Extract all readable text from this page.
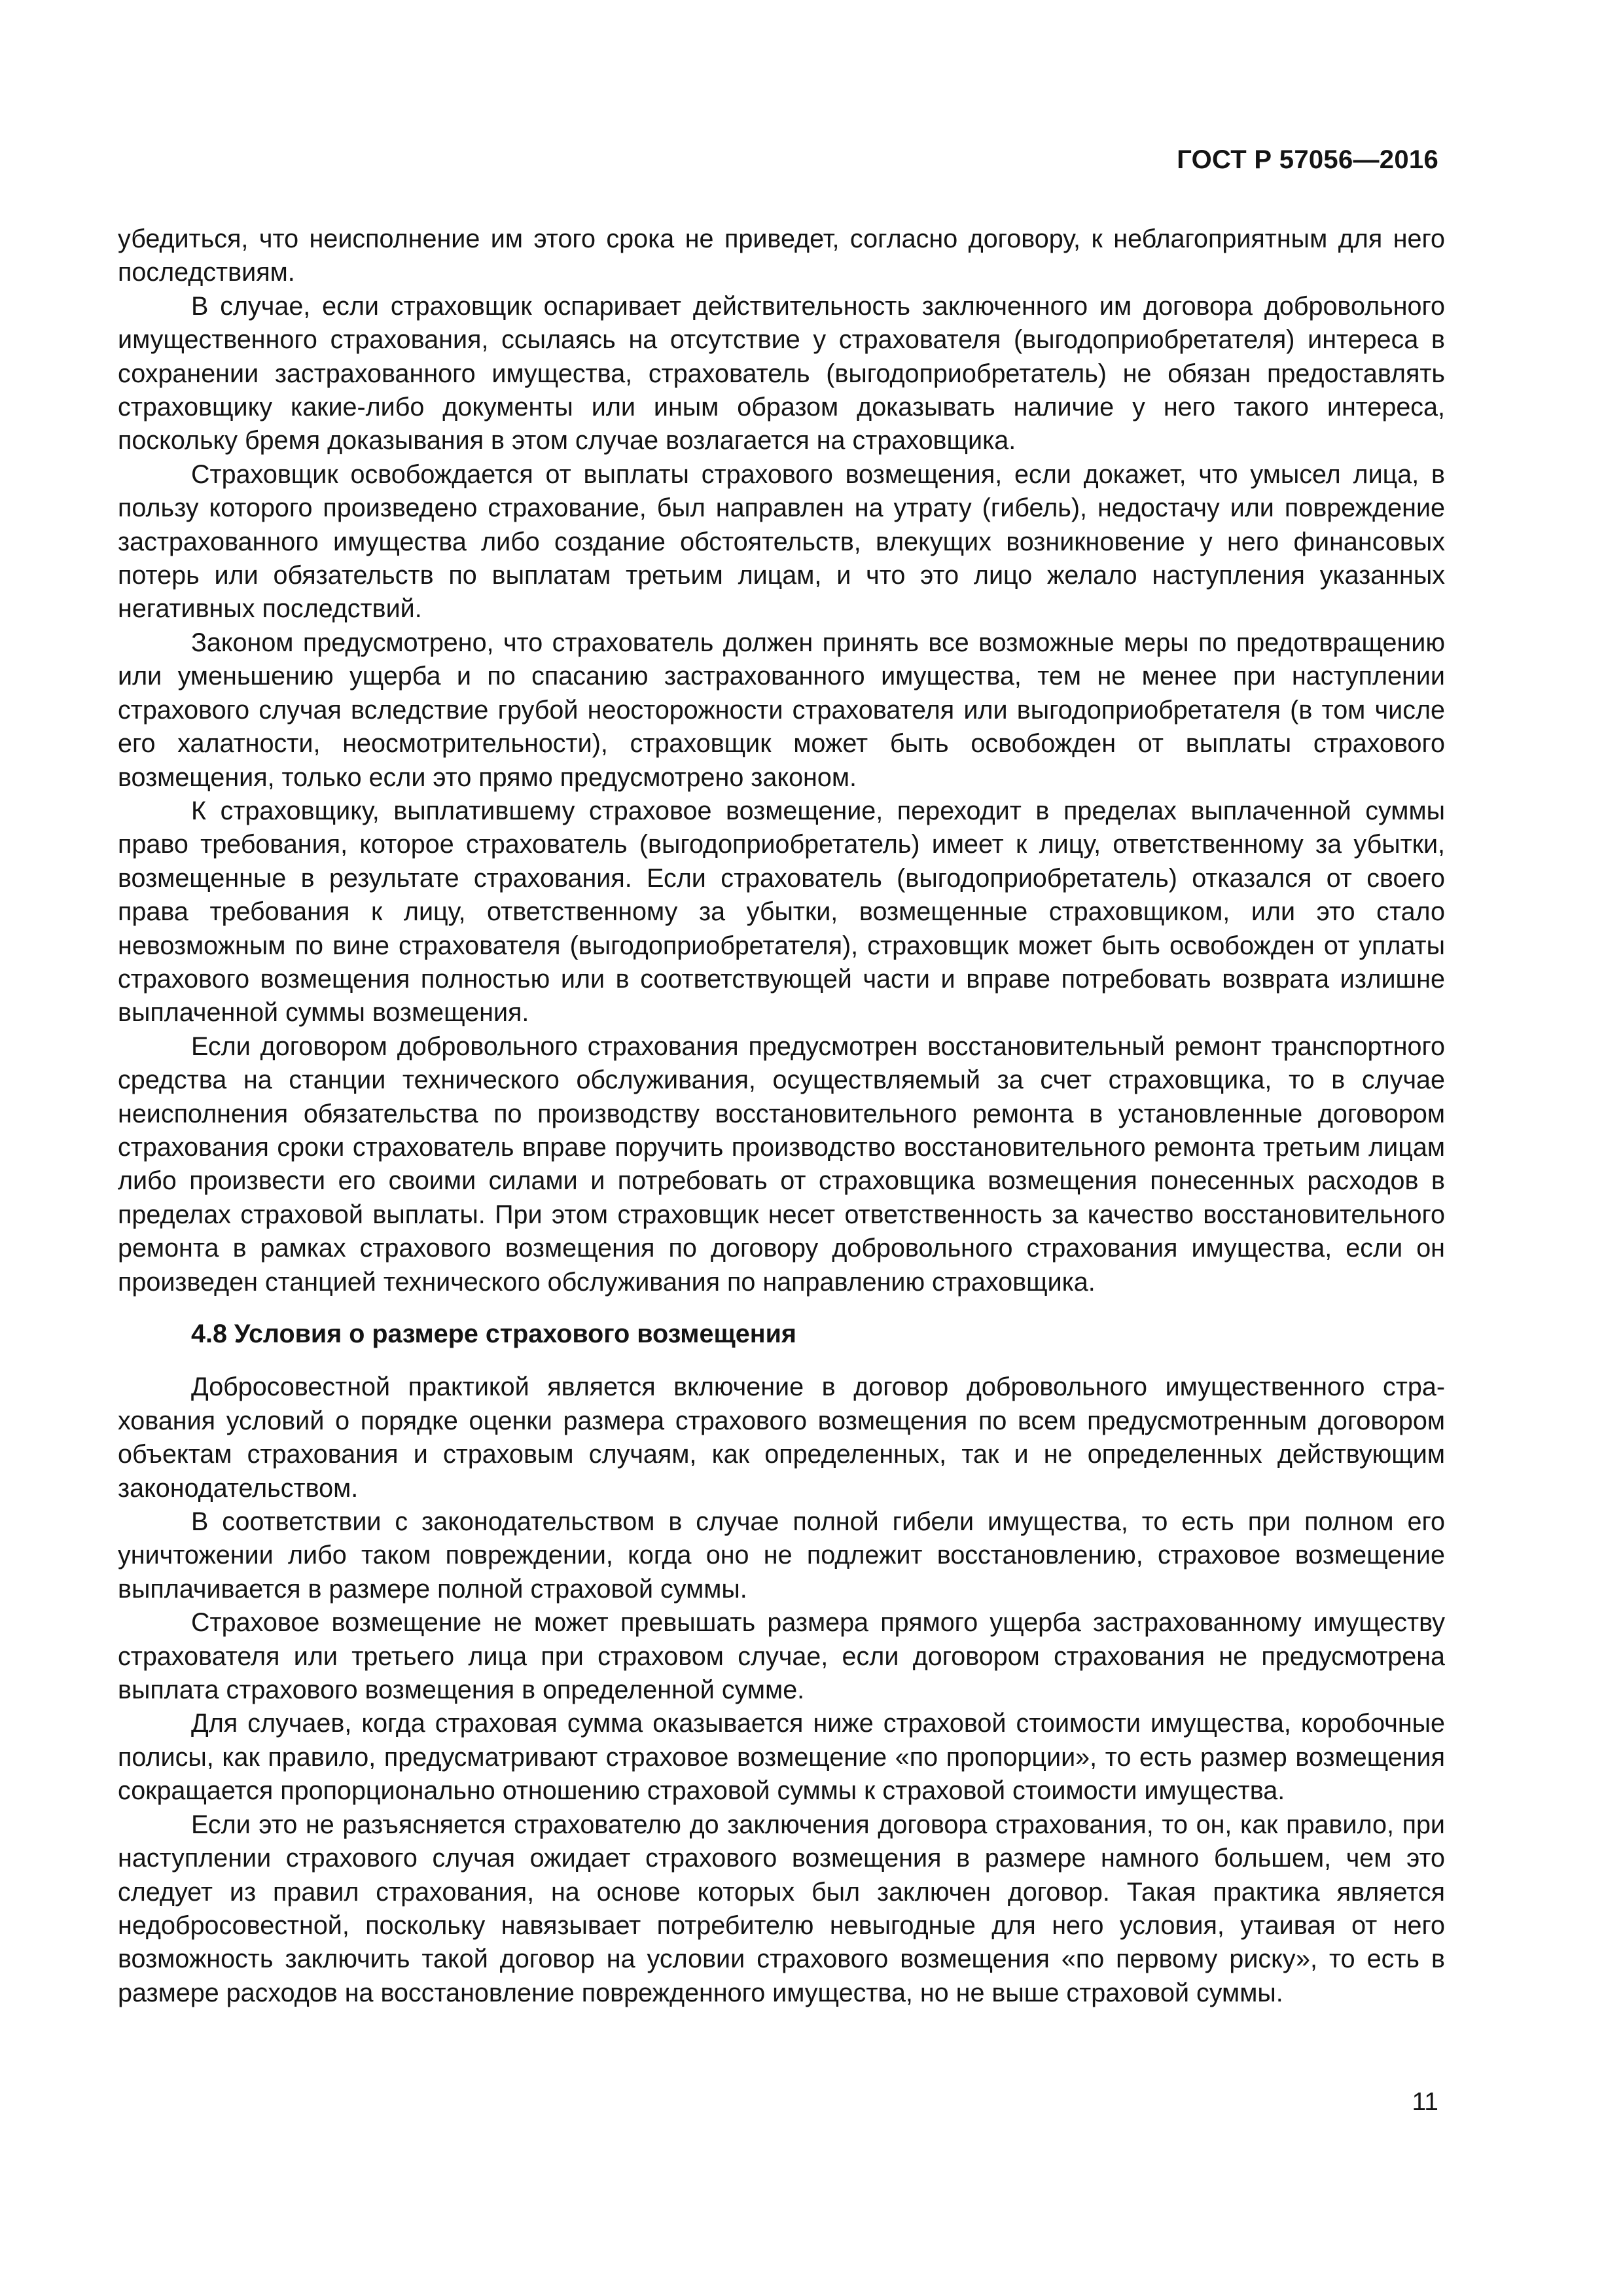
ГОСТ Р 57056—2016

убедиться, что неисполнение им этого срока не приведет, согласно договору, к неблагоприятным для него последствиям.

В случае, если страховщик оспаривает действительность заключенного им договора добровольного имущественного страхования, ссылаясь на отсутствие у страхователя (выгодоприобретателя) интереса в сохранении застрахованного имущества, страхователь (выгодоприобретатель) не обязан предоставлять страховщику какие-либо документы или иным образом доказывать наличие у него такого интереса, поскольку бремя доказывания в этом случае возлагается на страховщика.

Страховщик освобождается от выплаты страхового возмещения, если докажет, что умысел лица, в пользу которого произведено страхование, был направлен на утрату (гибель), недостачу или повреждение застрахованного имущества либо создание обстоятельств, влекущих возникновение у него финансовых потерь или обязательств по выплатам третьим лицам, и что это лицо желало наступления указанных негативных последствий.

Законом предусмотрено, что страхователь должен принять все возможные меры по предотвращению или уменьшению ущерба и по спасанию застрахованного имущества, тем не менее при наступлении страхового случая вследствие грубой неосторожности страхователя или выгодоприобретателя (в том числе его халатности, неосмотрительности), страховщик может быть освобожден от выплаты страхового возмещения, только если это прямо предусмотрено законом.

К страховщику, выплатившему страховое возмещение, переходит в пределах выплаченной суммы право требования, которое страхователь (выгодоприобретатель) имеет к лицу, ответственному за убытки, возмещенные в результате страхования. Если страхователь (выгодоприобретатель) отказался от своего права требования к лицу, ответственному за убытки, возмещенные страховщиком, или это стало невозможным по вине страхователя (выгодоприобретателя), страховщик может быть освобожден от уплаты страхового возмещения полностью или в соответствующей части и вправе потребовать возврата излишне выплаченной суммы возмещения.

Если договором добровольного страхования предусмотрен восстановительный ремонт транспортного средства на станции технического обслуживания, осуществляемый за счет страховщика, то в случае неисполнения обязательства по производству восстановительного ремонта в установленные договором страхования сроки страхователь вправе поручить производство восстановительного ремонта третьим лицам либо произвести его своими силами и потребовать от страховщика возмещения понесенных расходов в пределах страховой выплаты. При этом страховщик несет ответственность за качество восстановительного ремонта в рамках страхового возмещения по договору добровольного страхования имущества, если он произведен станцией технического обслуживания по направлению страховщика.

4.8 Условия о размере страхового возмещения

Добросовестной практикой является включение в договор добровольного имущественного страхования условий о порядке оценки размера страхового возмещения по всем предусмотренным договором объектам страхования и страховым случаям, как определенных, так и не определенных действующим законодательством.

В соответствии с законодательством в случае полной гибели имущества, то есть при полном его уничтожении либо таком повреждении, когда оно не подлежит восстановлению, страховое возмещение выплачивается в размере полной страховой суммы.

Страховое возмещение не может превышать размера прямого ущерба застрахованному имуществу страхователя или третьего лица при страховом случае, если договором страхования не предусмотрена выплата страхового возмещения в определенной сумме.

Для случаев, когда страховая сумма оказывается ниже страховой стоимости имущества, коробочные полисы, как правило, предусматривают страховое возмещение «по пропорции», то есть размер возмещения сокращается пропорционально отношению страховой суммы к страховой стоимости имущества.

Если это не разъясняется страхователю до заключения договора страхования, то он, как правило, при наступлении страхового случая ожидает страхового возмещения в размере намного большем, чем это следует из правил страхования, на основе которых был заключен договор. Такая практика является недобросовестной, поскольку навязывает потребителю невыгодные для него условия, утаивая от него возможность заключить такой договор на условии страхового возмещения «по первому риску», то есть в размере расходов на восстановление поврежденного имущества, но не выше страховой суммы.

11
